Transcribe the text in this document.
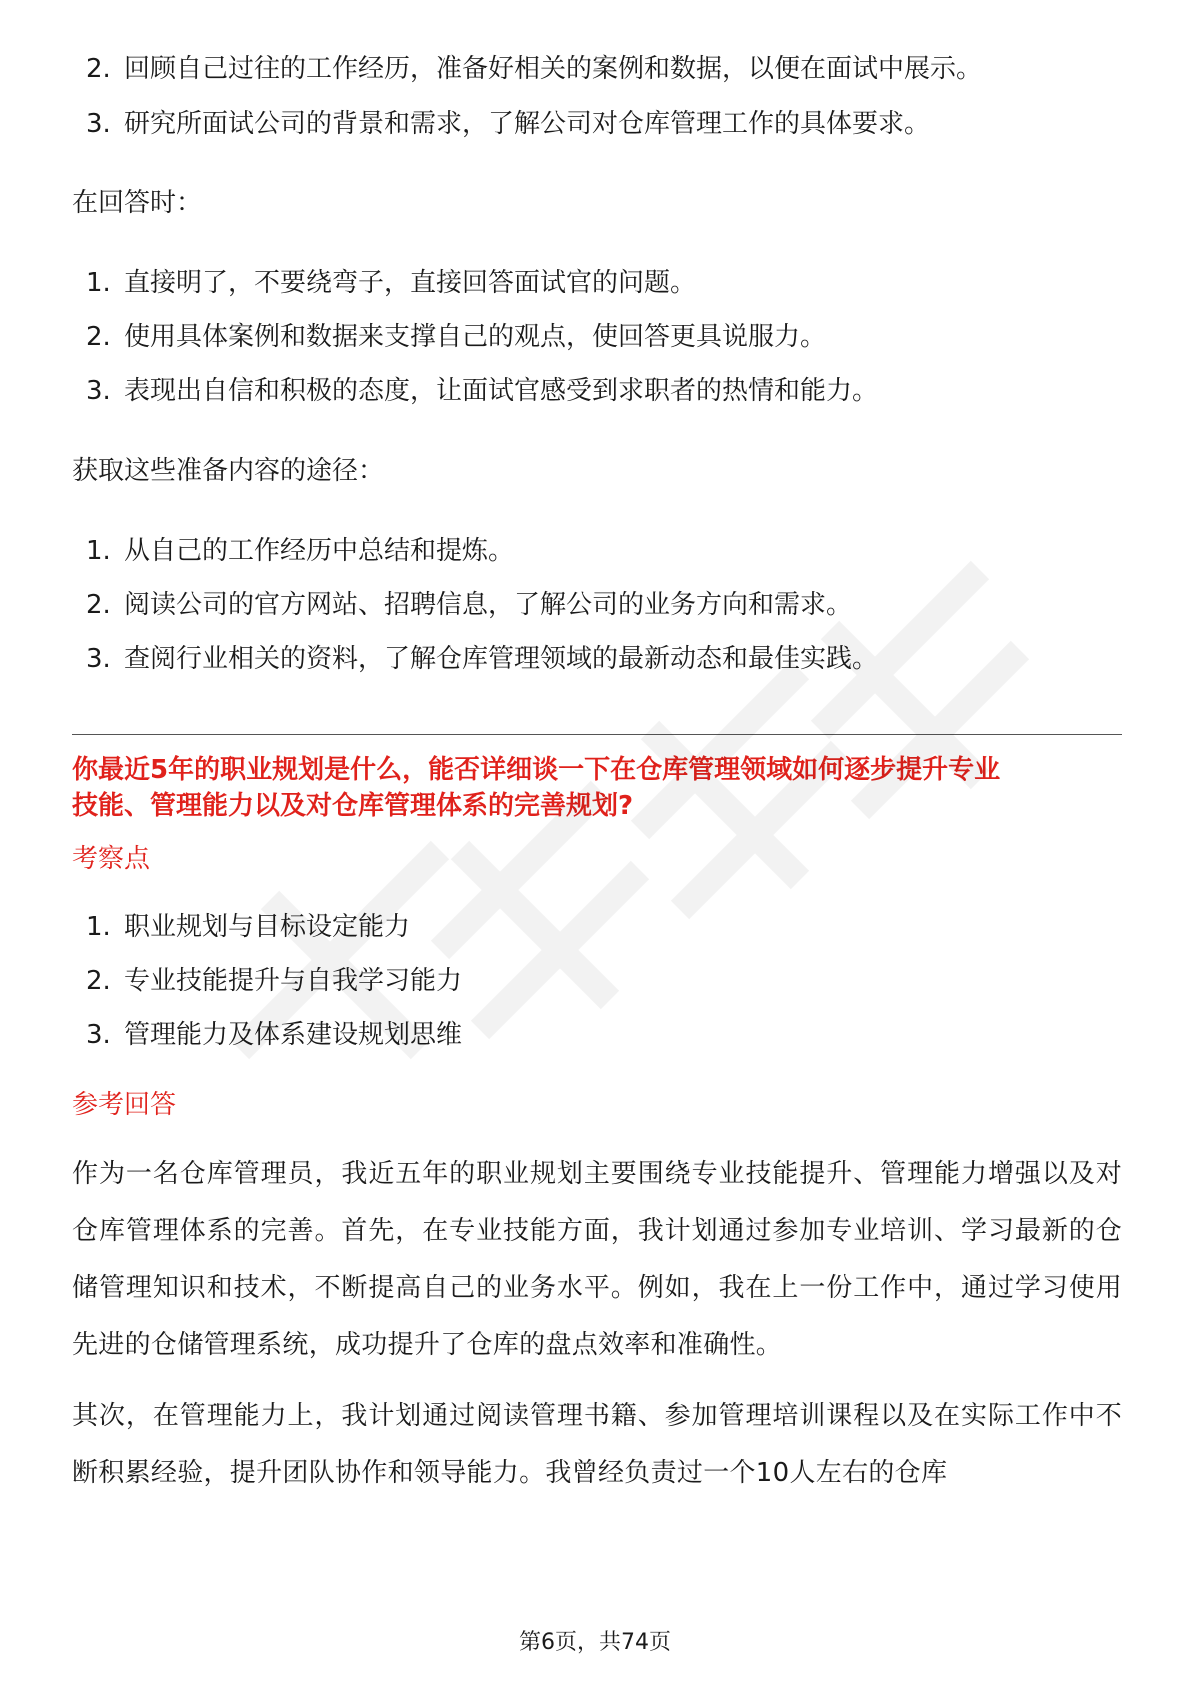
2. 回顾自己过往的工作经历，准备好相关的案例和数据，以便在面试中展示。
3. 研究所面试公司的背景和需求，了解公司对仓库管理工作的具体要求。
在回答时：
1. 直接明了，不要绕弯子，直接回答面试官的问题。
2. 使用具体案例和数据来支撑自己的观点，使回答更具说服力。
3. 表现出自信和积极的态度，让面试官感受到求职者的热情和能力。
获取这些准备内容的途径：
1. 从自己的工作经历中总结和提炼。
2. 阅读公司的官方网站、招聘信息，了解公司的业务方向和需求。
3. 查阅行业相关的资料，了解仓库管理领域的最新动态和最佳实践。
你最近5年的职业规划是什么，能否详细谈一下在仓库管理领域如何逐步提升专业
技能、管理能力以及对仓库管理体系的完善规划?
考察点
1. 职业规划与目标设定能力
2. 专业技能提升与自我学习能力
3. 管理能力及体系建设规划思维
参考回答
作为一名仓库管理员，我近五年的职业规划主要围绕专业技能提升、管理能力增强以及对仓库管理体系的完善。首先，在专业技能方面，我计划通过参加专业培训、学习最新的仓储管理知识和技术，不断提高自己的业务水平。例如，我在上一份工作中，通过学习使用先进的仓储管理系统，成功提升了仓库的盘点效率和准确性。
其次，在管理能力上，我计划通过阅读管理书籍、参加管理培训课程以及在实际工作中不断积累经验，提升团队协作和领导能力。我曾经负责过一个10人左右的仓库
第6页，共74页
